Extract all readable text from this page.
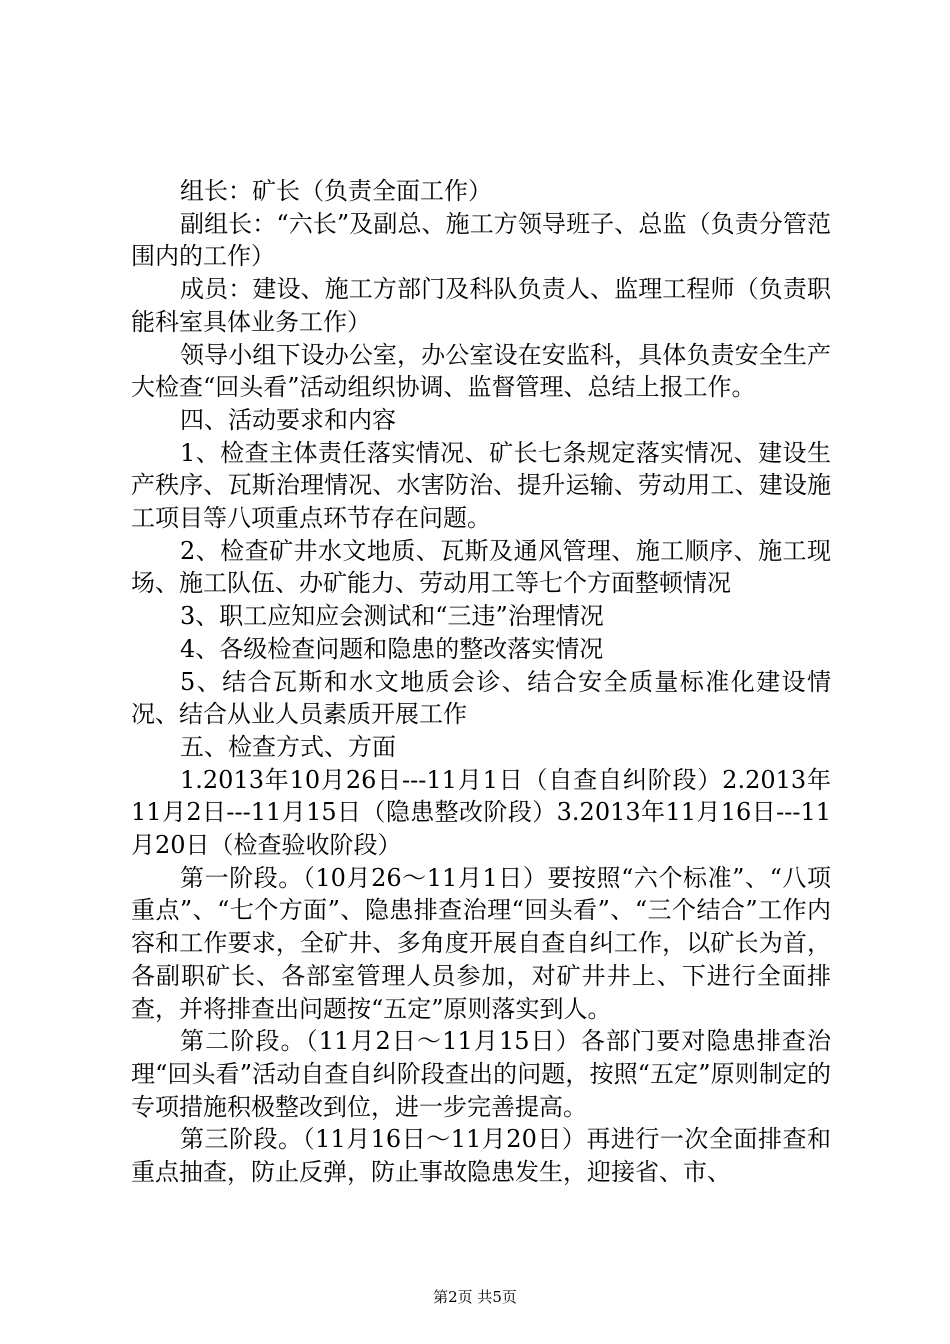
组长：矿长（负责全面工作）

副组长：“六长”及副总、施工方领导班子、总监（负责分管范围内的工作）

成员：建设、施工方部门及科队负责人、监理工程师（负责职能科室具体业务工作）

领导小组下设办公室，办公室设在安监科，具体负责安全生产大检查“回头看”活动组织协调、监督管理、总结上报工作。

四、活动要求和内容

1、检查主体责任落实情况、矿长七条规定落实情况、建设生产秩序、瓦斯治理情况、水害防治、提升运输、劳动用工、建设施工项目等八项重点环节存在问题。

2、检查矿井水文地质、瓦斯及通风管理、施工顺序、施工现场、施工队伍、办矿能力、劳动用工等七个方面整顿情况

3、职工应知应会测试和“三违”治理情况

4、各级检查问题和隐患的整改落实情况

5、结合瓦斯和水文地质会诊、结合安全质量标准化建设情况、结合从业人员素质开展工作

五、检查方式、方面

1.2013年10月26日---11月1日（自查自纠阶段）2.2013年11月2日---11月15日（隐患整改阶段）3.2013年11月16日---11月20日（检查验收阶段）

第一阶段。（10月26～11月1日）要按照“六个标准”、“八项重点”、“七个方面”、隐患排查治理“回头看”、“三个结合”工作内容和工作要求，全矿井、多角度开展自查自纠工作，以矿长为首，各副职矿长、各部室管理人员参加，对矿井井上、下进行全面排查，并将排查出问题按“五定”原则落实到人。

第二阶段。（11月2日～11月15日）各部门要对隐患排查治理“回头看”活动自查自纠阶段查出的问题，按照“五定”原则制定的专项措施积极整改到位，进一步完善提高。

第三阶段。（11月16日～11月20日）再进行一次全面排查和重点抽查，防止反弹，防止事故隐患发生，迎接省、市、

第2页 共5页
